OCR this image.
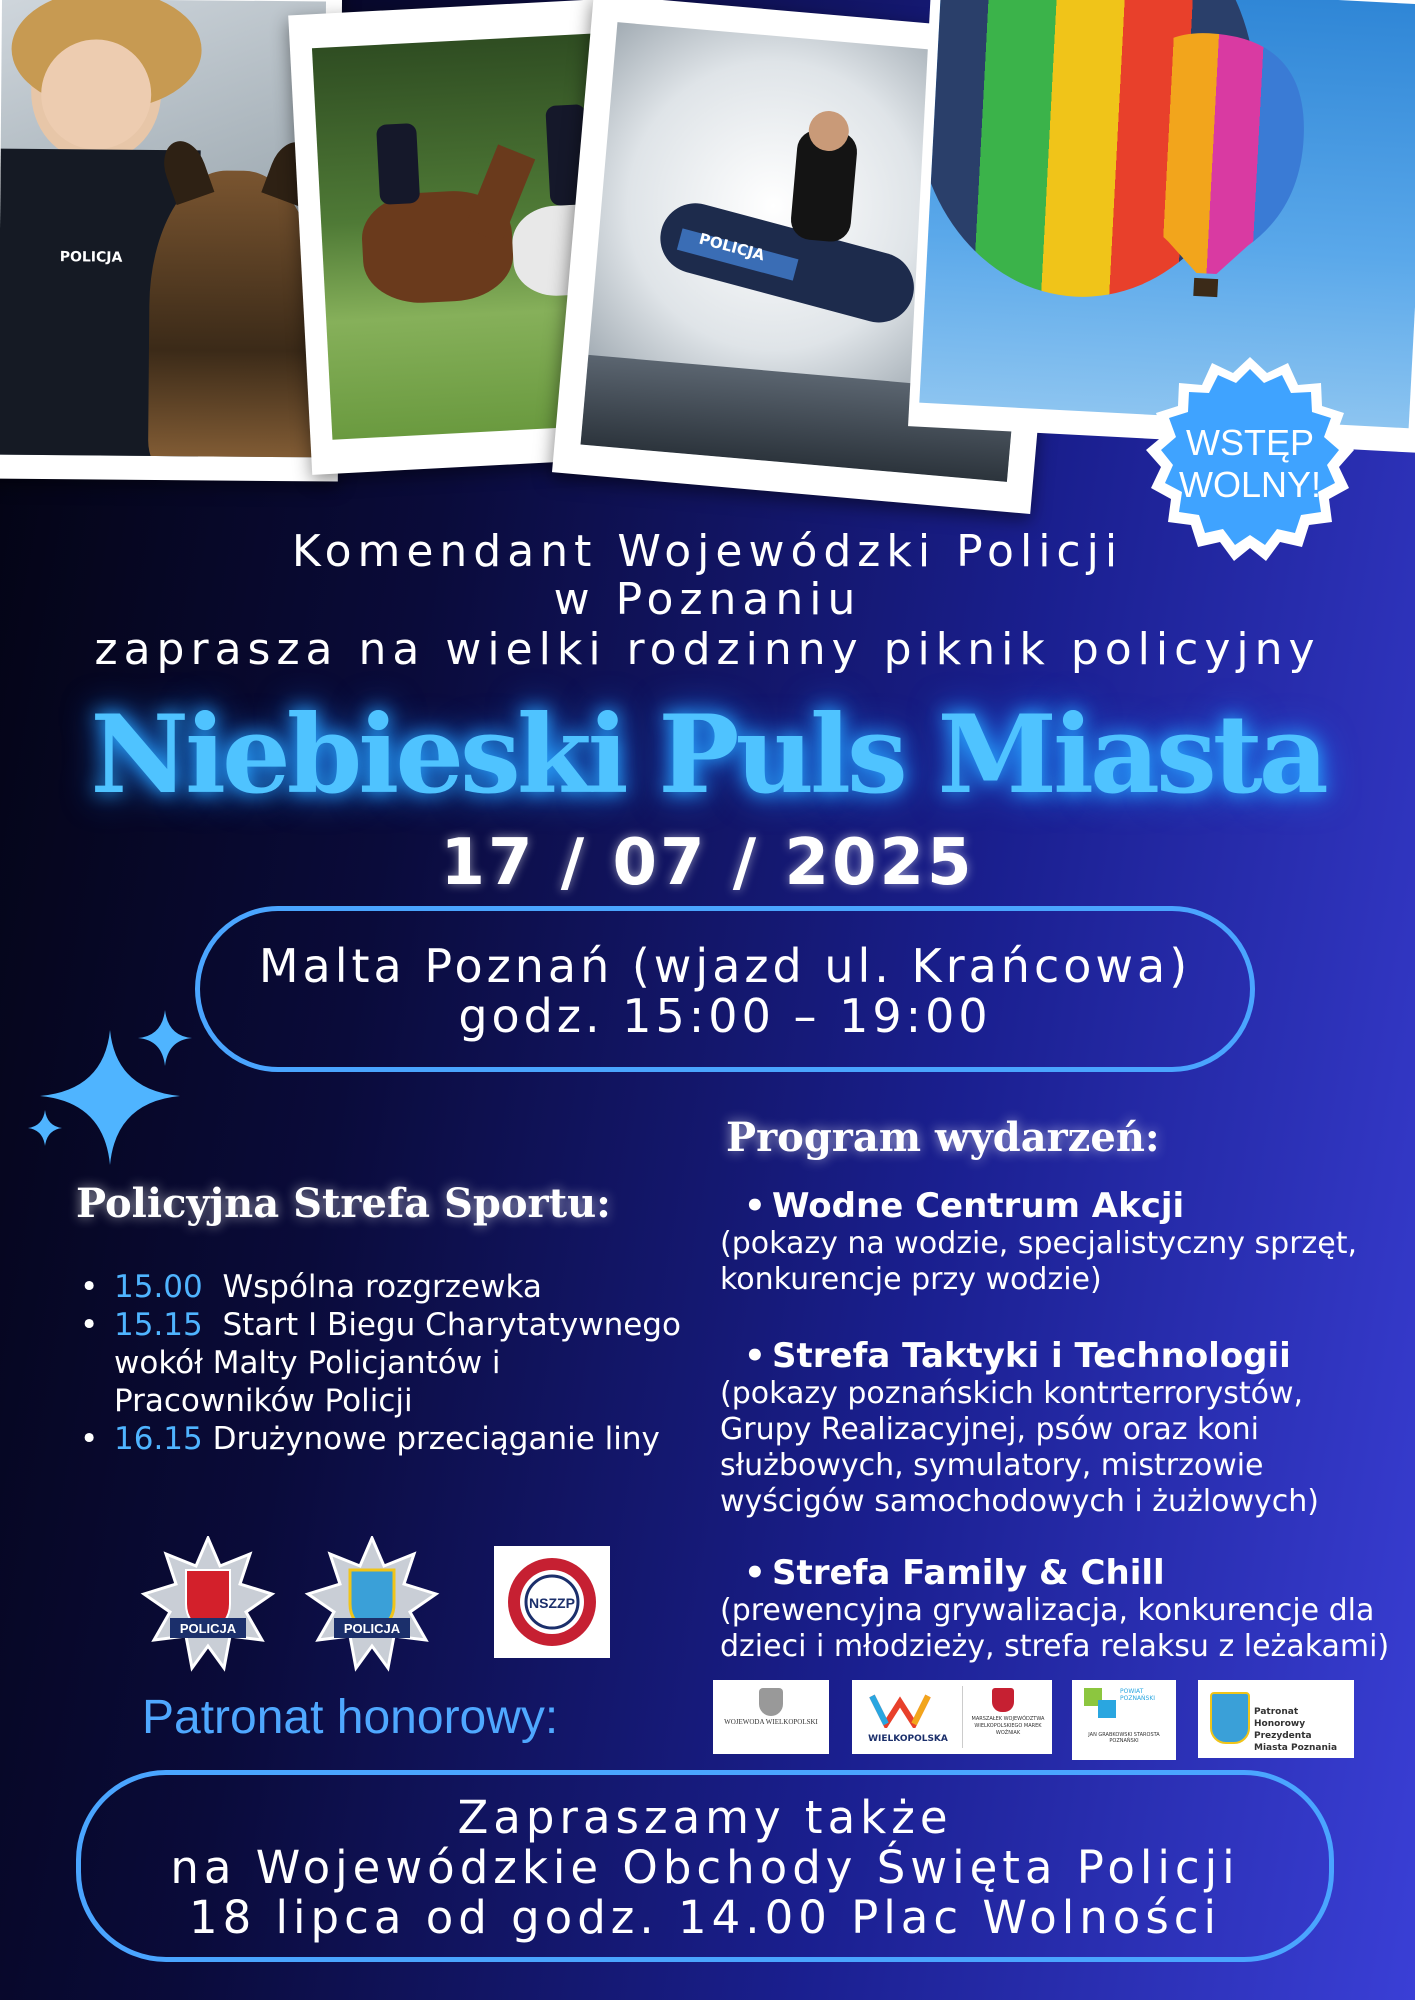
POLICJA	POLICJA
WSTĘP
WOLNY!
Komendant Wojewódzki Policji
w Poznaniu
zaprasza na wielki rodzinny piknik policyjny
Niebieski Puls Miasta
17 / 07 / 2025
Malta Poznań (wjazd ul. Krańcowa)
godz. 15:00 – 19:00
Policyjna Strefa Sportu:
• 15.00 Wspólna rozgrzewka
• 15.15 Start I Biegu Charytatywnego wokół Malty Policjantów i Pracowników Policji
• 16.15 Drużynowe przeciąganie liny
Program wydarzeń:
• Wodne Centrum Akcji
(pokazy na wodzie, specjalistyczny sprzęt, konkurencje przy wodzie)
• Strefa Taktyki i Technologii
(pokazy poznańskich kontrterrorystów, Grupy Realizacyjnej, psów oraz koni służbowych, symulatory, mistrzowie wyścigów samochodowych i żużlowych)
• Strefa Family & Chill
(prewencyjna grywalizacja, konkurencje dla dzieci i młodzieży, strefa relaksu z leżakami)
POLICJA	POLICJA
NSZZP
Patronat honorowy:	WOJEWODA WIELKOPOLSKI
WIELKOPOLSKA
MARSZAŁEK WOJEWÓDZTWA WIELKOPOLSKIEGO MAREK WOŹNIAK
POWIAT POZNAŃSKI
JAN GRABKOWSKI STAROSTA POZNAŃSKI
Patronat Honorowy Prezydenta Miasta Poznania
Zapraszamy także
na Wojewódzkie Obchody Święta Policji
18 lipca od godz. 14.00 Plac Wolności
